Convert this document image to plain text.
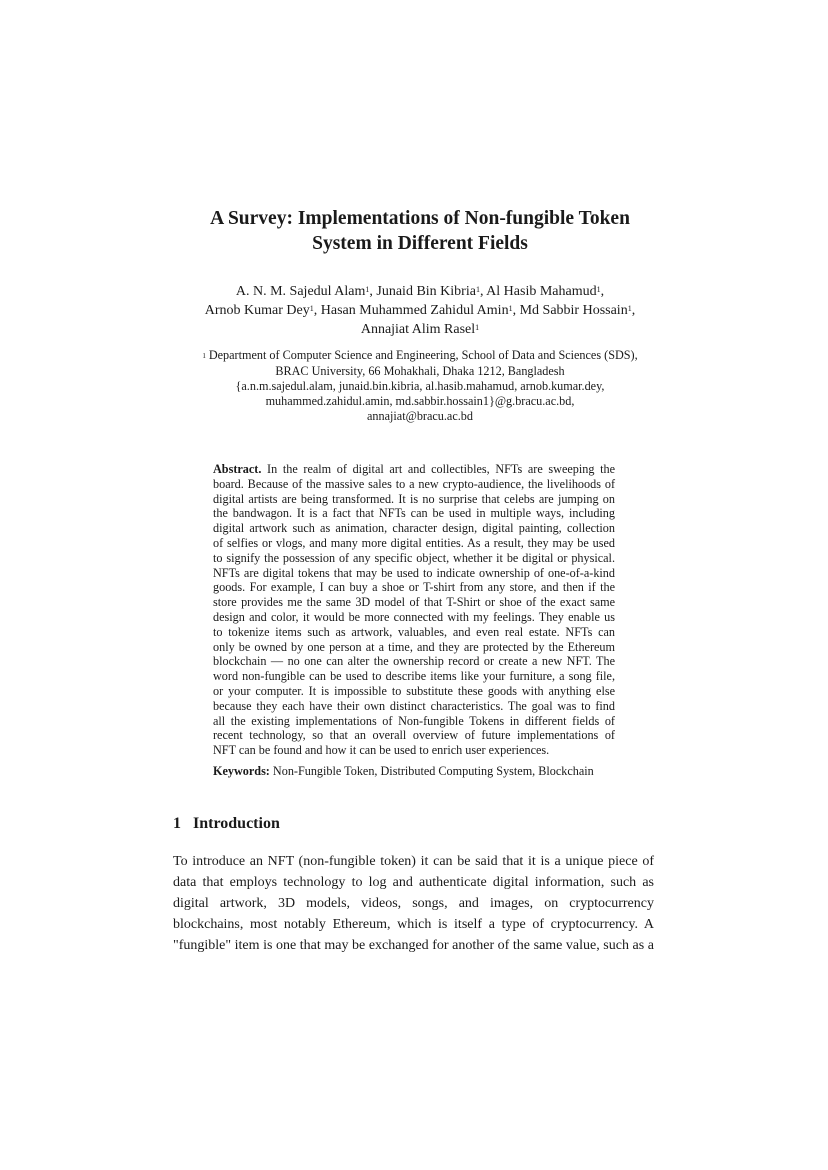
A Survey: Implementations of Non-fungible Token
System in Different Fields
A. N. M. Sajedul Alam$^1$, Junaid Bin Kibria$^1$, Al Hasib Mahamud$^1$,
Arnob Kumar Dey$^1$, Hasan Muhammed Zahidul Amin$^1$, Md Sabbir Hossain$^1$,
Annajiat Alim Rasel$^1$
1 Department of Computer Science and Engineering, School of Data and Sciences (SDS),
BRAC University, 66 Mohakhali, Dhaka 1212, Bangladesh
{a.n.m.sajedul.alam, junaid.bin.kibria, al.hasib.mahamud, arnob.kumar.dey,
muhammed.zahidul.amin, md.sabbir.hossain1}@g.bracu.ac.bd,
annajiat@bracu.ac.bd
Abstract. In the realm of digital art and collectibles, NFTs are sweeping the
board. Because of the massive sales to a new crypto-audience, the livelihoods of
digital artists are being transformed. It is no surprise that celebs are jumping on
the bandwagon. It is a fact that NFTs can be used in multiple ways, including
digital artwork such as animation, character design, digital painting, collection
of selfies or vlogs, and many more digital entities. As a result, they may be used
to signify the possession of any specific object, whether it be digital or physical.
NFTs are digital tokens that may be used to indicate ownership of one-of-a-kind
goods. For example, I can buy a shoe or T-shirt from any store, and then if the
store provides me the same 3D model of that T-Shirt or shoe of the exact same
design and color, it would be more connected with my feelings. They enable us
to tokenize items such as artwork, valuables, and even real estate. NFTs can
only be owned by one person at a time, and they are protected by the Ethereum
blockchain — no one can alter the ownership record or create a new NFT. The
word non-fungible can be used to describe items like your furniture, a song file,
or your computer. It is impossible to substitute these goods with anything else
because they each have their own distinct characteristics. The goal was to find
all the existing implementations of Non-fungible Tokens in different fields of
recent technology, so that an overall overview of future implementations of
NFT can be found and how it can be used to enrich user experiences.
Keywords: Non-Fungible Token, Distributed Computing System, Blockchain
1 Introduction
To introduce an NFT (non-fungible token) it can be said that it is a unique piece of
data that employs technology to log and authenticate digital information, such as
digital artwork, 3D models, videos, songs, and images, on cryptocurrency
blockchains, most notably Ethereum, which is itself a type of cryptocurrency. A
"fungible" item is one that may be exchanged for another of the same value, such as a
